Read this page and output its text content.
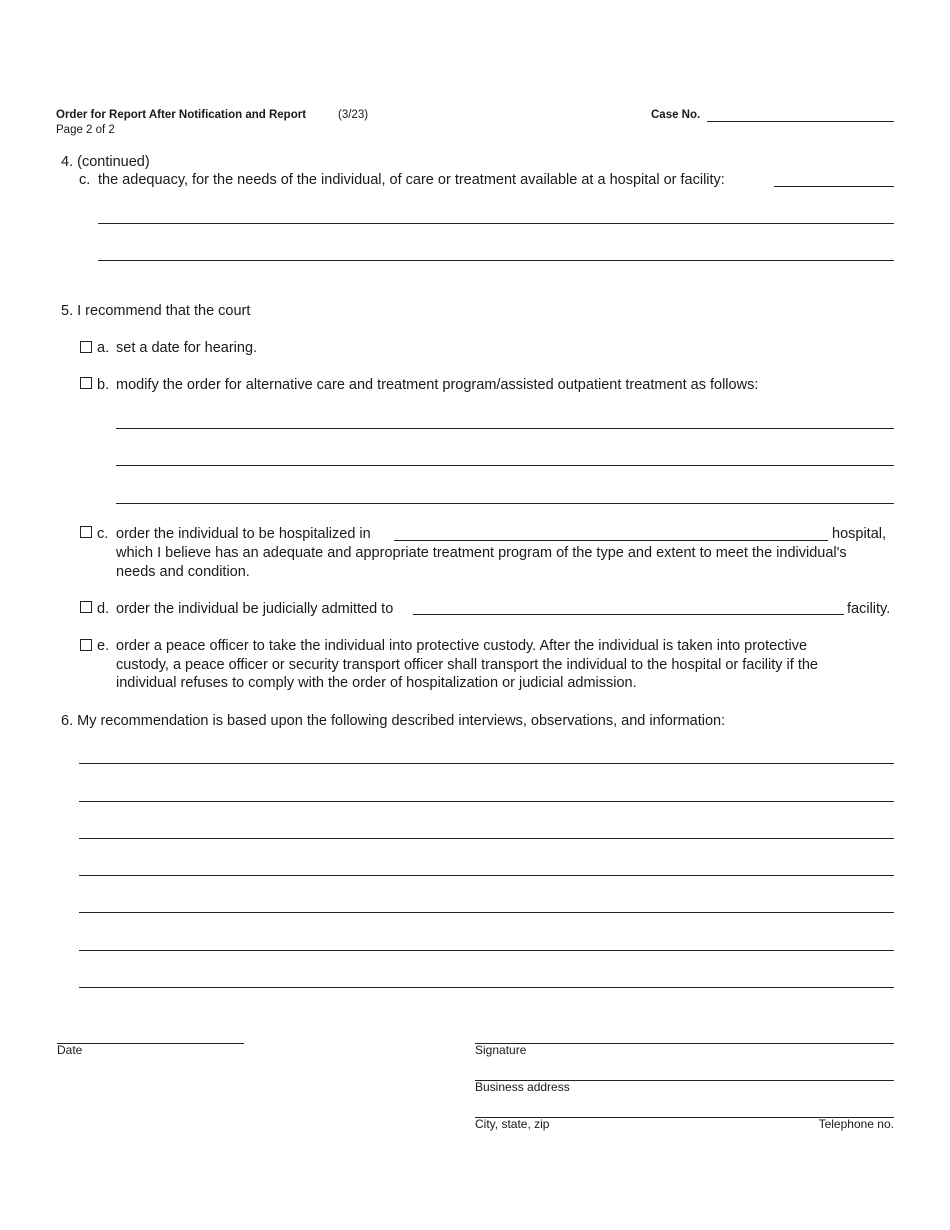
Order for Report After Notification and Report	(3/23)
Page 2 of 2
Case No.
4. (continued)
c. the adequacy, for the needs of the individual, of care or treatment available at a hospital or facility:
5. I recommend that the court
a. set a date for hearing.
b. modify the order for alternative care and treatment program/assisted outpatient treatment as follows:
c. order the individual to be hospitalized in	hospital,
which I believe has an adequate and appropriate treatment program of the type and extent to meet the individual's
needs and condition.
d. order the individual be judicially admitted to	facility.
e. order a peace officer to take the individual into protective custody. After the individual is taken into protective
custody, a peace officer or security transport officer shall transport the individual to the hospital or facility if the
individual refuses to comply with the order of hospitalization or judicial admission.
6. My recommendation is based upon the following described interviews, observations, and information:
Date	Signature
Business address
City, state, zip	Telephone no.
